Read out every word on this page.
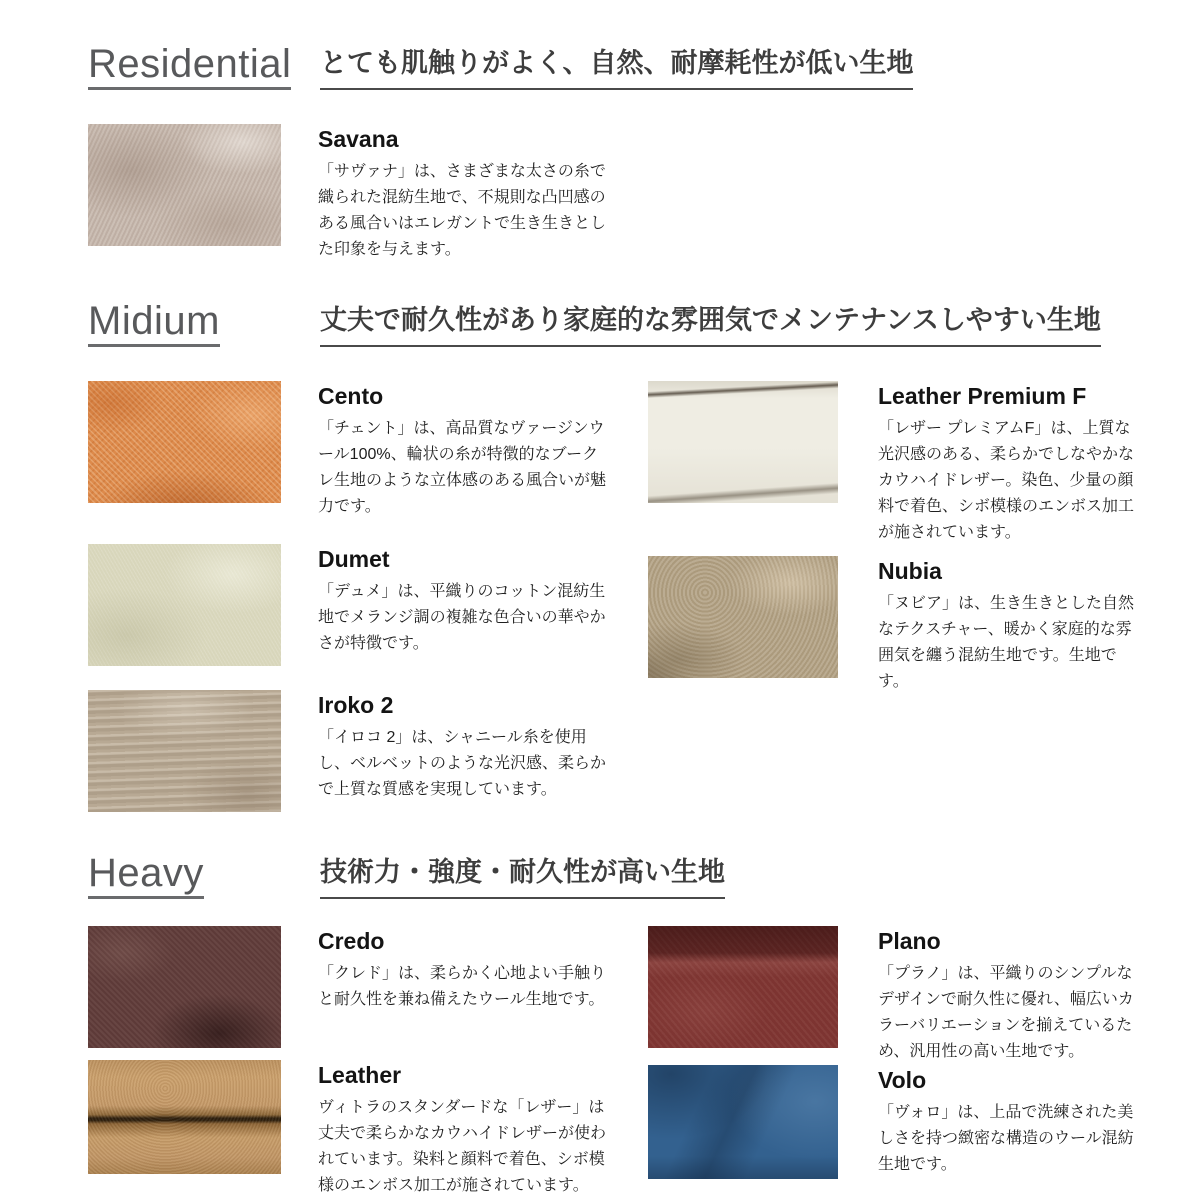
Residential	とても肌触りがよく、自然、耐摩耗性が低い生地
Savana

「サヴァナ」は、さまざまな太さの糸で織られた混紡生地で、不規則な凸凹感のある風合いはエレガントで生き生きとした印象を与えます。

Midium	丈夫で耐久性があり家庭的な雰囲気でメンテナンスしやすい生地
Cento

「チェント」は、高品質なヴァージンウール100%、輪状の糸が特徴的なブークレ生地のような立体感のある風合いが魅力です。

Dumet

「デュメ」は、平織りのコットン混紡生地でメランジ調の複雑な色合いの華やかさが特徴です。

Iroko 2

「イロコ 2」は、シャニール糸を使用し、ベルベットのような光沢感、柔らかで上質な質感を実現しています。

Leather Premium F

「レザー プレミアムF」は、上質な光沢感のある、柔らかでしなやかなカウハイドレザー。染色、少量の顔料で着色、シボ模様のエンボス加工が施されています。

Nubia

「ヌビア」は、生き生きとした自然なテクスチャー、暖かく家庭的な雰囲気を纏う混紡生地です。生地です。

Heavy	技術力・強度・耐久性が高い生地
Credo

「クレド」は、柔らかく心地よい手触りと耐久性を兼ね備えたウール生地です。

Leather

ヴィトラのスタンダードな「レザー」は丈夫で柔らかなカウハイドレザーが使われています。染料と顔料で着色、シボ模様のエンボス加工が施されています。

Plano

「プラノ」は、平織りのシンプルなデザインで耐久性に優れ、幅広いカラーバリエーションを揃えているため、汎用性の高い生地です。

Volo

「ヴォロ」は、上品で洗練された美しさを持つ緻密な構造のウール混紡生地です。
